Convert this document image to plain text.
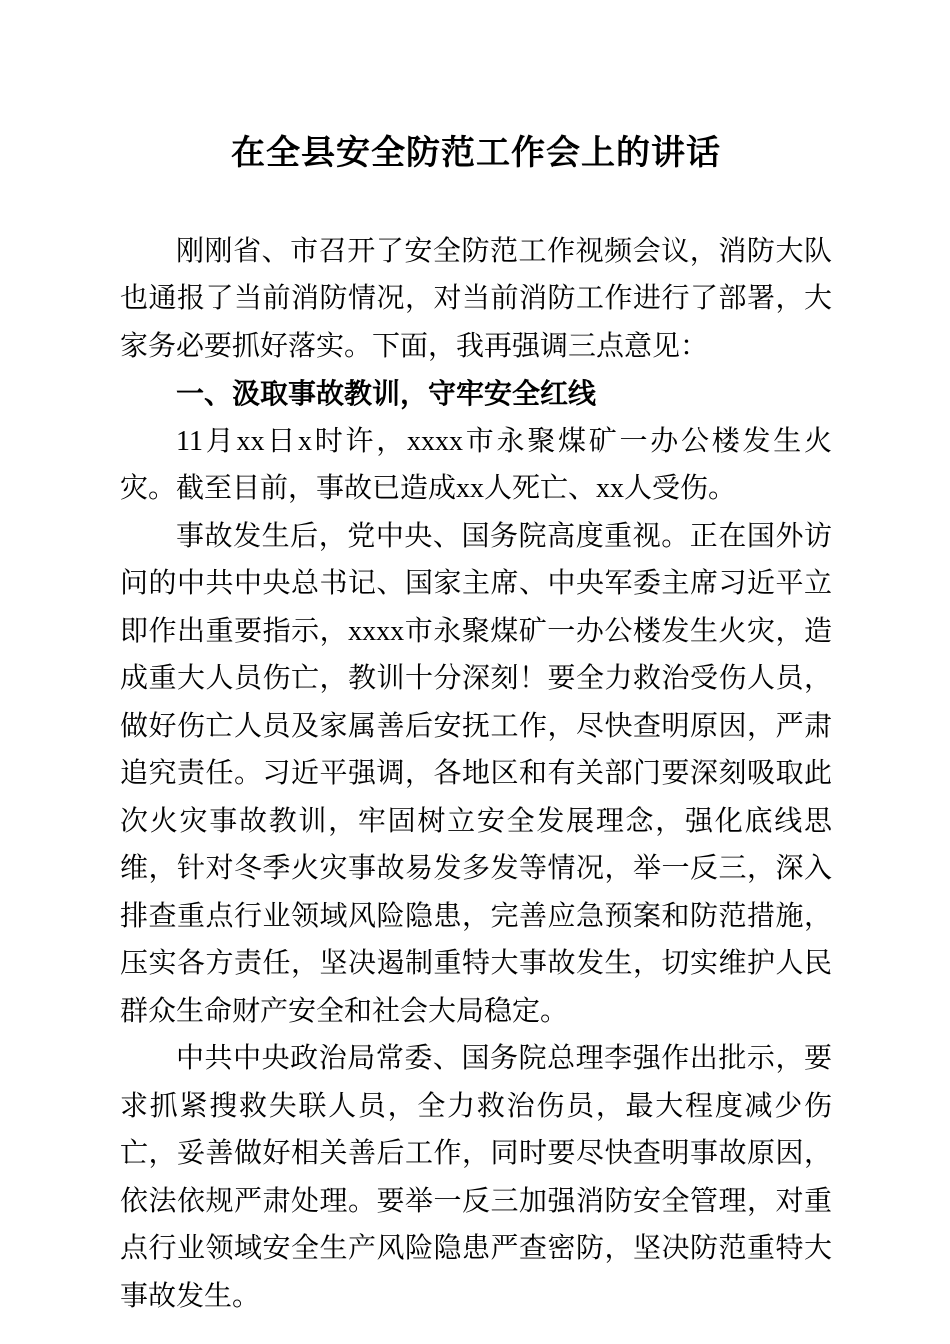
在全县安全防范工作会上的讲话

刚刚省、市召开了安全防范工作视频会议，消防大队也通报了当前消防情况，对当前消防工作进行了部署，大家务必要抓好落实。下面，我再强调三点意见：

一、汲取事故教训，守牢安全红线

11月xx日x时许，xxxx市永聚煤矿一办公楼发生火灾。截至目前，事故已造成xx人死亡、xx人受伤。

事故发生后，党中央、国务院高度重视。正在国外访问的中共中央总书记、国家主席、中央军委主席习近平立即作出重要指示，xxxx市永聚煤矿一办公楼发生火灾，造成重大人员伤亡，教训十分深刻！要全力救治受伤人员，做好伤亡人员及家属善后安抚工作，尽快查明原因，严肃追究责任。习近平强调，各地区和有关部门要深刻吸取此次火灾事故教训，牢固树立安全发展理念，强化底线思维，针对冬季火灾事故易发多发等情况，举一反三，深入排查重点行业领域风险隐患，完善应急预案和防范措施，压实各方责任，坚决遏制重特大事故发生，切实维护人民群众生命财产安全和社会大局稳定。

中共中央政治局常委、国务院总理李强作出批示，要求抓紧搜救失联人员，全力救治伤员，最大程度减少伤亡，妥善做好相关善后工作，同时要尽快查明事故原因，依法依规严肃处理。要举一反三加强消防安全管理，对重点行业领域安全生产风险隐患严查密防，坚决防范重特大事故发生。
